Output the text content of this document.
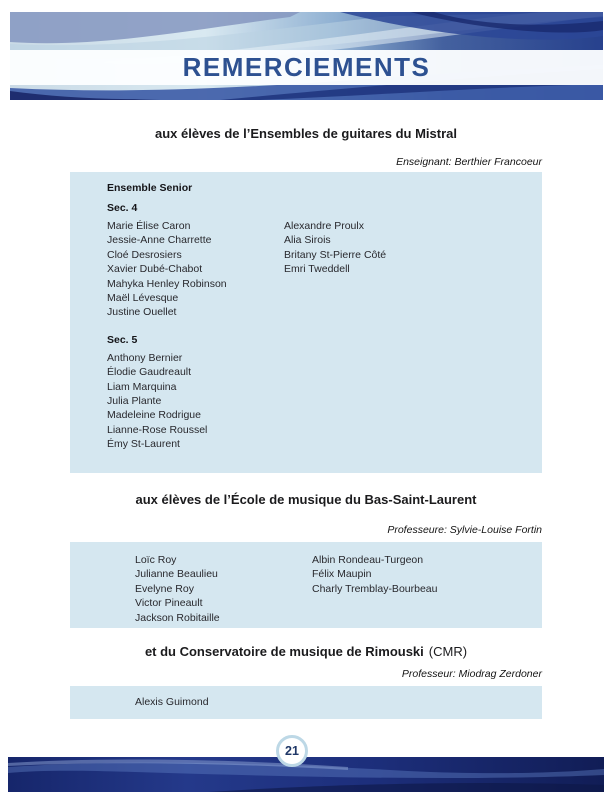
REMERCIEMENTS
aux élèves de l’Ensembles de guitares du Mistral
Enseignant: Berthier Francoeur
Ensemble Senior
Sec. 4
Marie Élise Caron
Jessie-Anne Charrette
Cloé Desrosiers
Xavier Dubé-Chabot
Mahyka Henley Robinson
Maël Lévesque
Justine Ouellet
Alexandre Proulx
Alia Sirois
Britany St-Pierre Côté
Emri Tweddell
Sec. 5
Anthony Bernier
Élodie Gaudreault
Liam Marquina
Julia Plante
Madeleine Rodrigue
Lianne-Rose Roussel
Émy St-Laurent
aux élèves de l’École de musique du Bas-Saint-Laurent
Professeure: Sylvie-Louise Fortin
Loïc Roy
Julianne Beaulieu
Evelyne Roy
Victor Pineault
Jackson Robitaille
Albin Rondeau-Turgeon
Félix Maupin
Charly Tremblay-Bourbeau
et du Conservatoire de musique de Rimouski (CMR)
Professeur: Miodrag Zerdoner
Alexis Guimond
21
